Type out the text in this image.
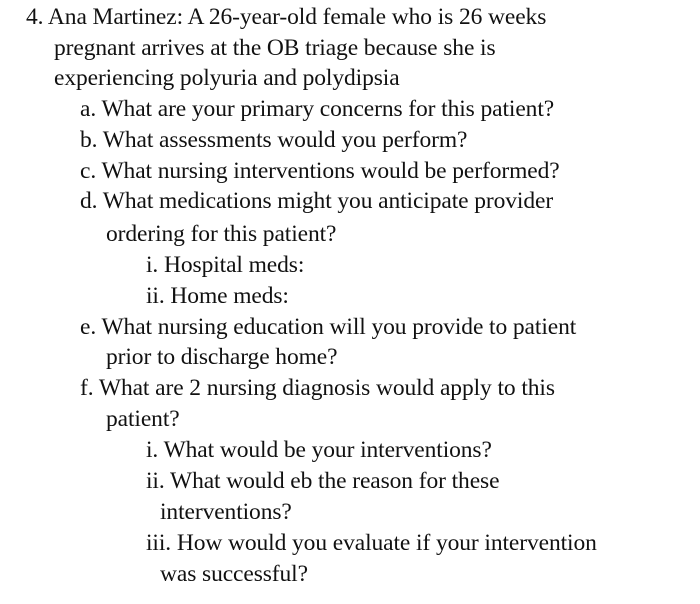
4. Ana Martinez: A 26-year-old female who is 26 weeks
pregnant arrives at the OB triage because she is
experiencing polyuria and polydipsia
a. What are your primary concerns for this patient?
b. What assessments would you perform?
c. What nursing interventions would be performed?
d. What medications might you anticipate provider
ordering for this patient?
i. Hospital meds:
ii. Home meds:
e. What nursing education will you provide to patient
prior to discharge home?
f. What are 2 nursing diagnosis would apply to this
patient?
i. What would be your interventions?
ii. What would eb the reason for these
interventions?
iii. How would you evaluate if your intervention
was successful?
